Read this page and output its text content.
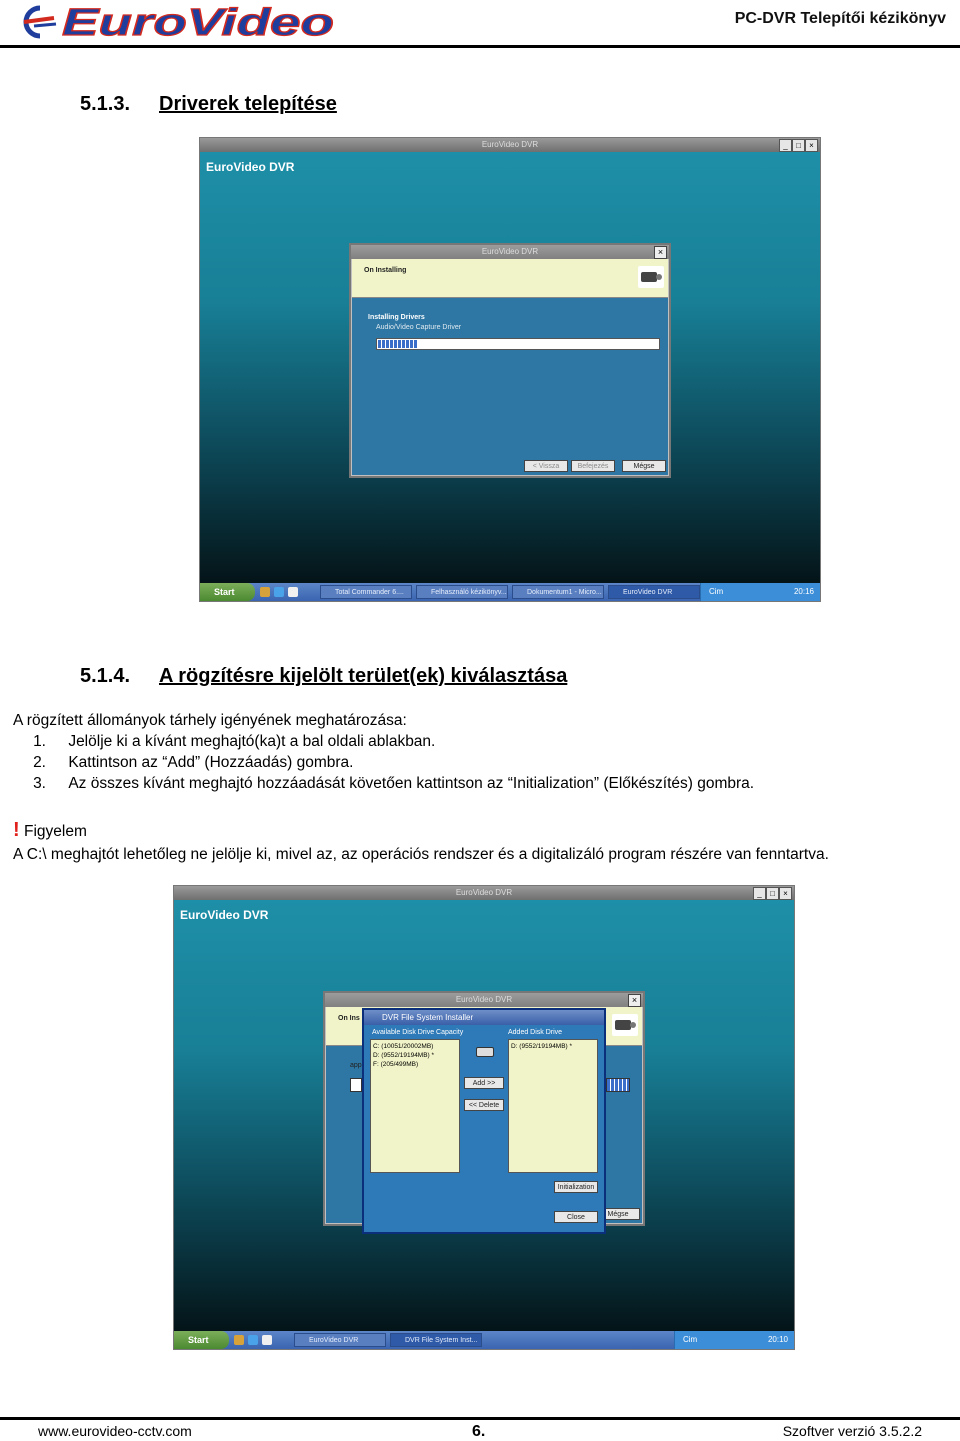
EuroVideo	PC-DVR Telepítői kézikönyv
5.1.3. Driverek telepítése
EuroVideo DVR	_	□	×
EuroVideo DVR
EuroVideo DVR	×
On Installing
Installing Drivers
Audio/Video Capture Driver
< Vissza	Befejezés	Mégse
Start	Total Commander 6....	Felhasználó kézikönyv...	Dokumentum1 - Micro...	EuroVideo DVR	Cim	20:16
5.1.4. A rögzítésre kijelölt terület(ek) kiválasztása
A rögzített állományok tárhely igényének meghatározása:
1. Jelölje ki a kívánt meghajtó(ka)t a bal oldali ablakban.
2. Kattintson az “Add” (Hozzáadás) gombra.
3. Az összes kívánt meghajtó hozzáadását követően kattintson az “Initialization” (Előkészítés) gombra.
! Figyelem
A C:\ meghajtót lehetőleg ne jelölje ki, mivel az, az operációs rendszer és a digitalizáló program részére van fenntartva.
EuroVideo DVR	_	□	×
EuroVideo DVR
EuroVideo DVR	×
On Ins
app
Mégse
DVR File System Installer
Available Disk Drive Capacity
C: (10051/20002MB)
D: (9552/19194MB) *
F: (205/499MB)
Added Disk Drive
D: (9552/19194MB) *
Add >>
<< Delete
Initialization
Close
Start	EuroVideo DVR	DVR File System Inst...	Cim	20:10
www.eurovideo-cctv.com	6.	Szoftver verzió 3.5.2.2
